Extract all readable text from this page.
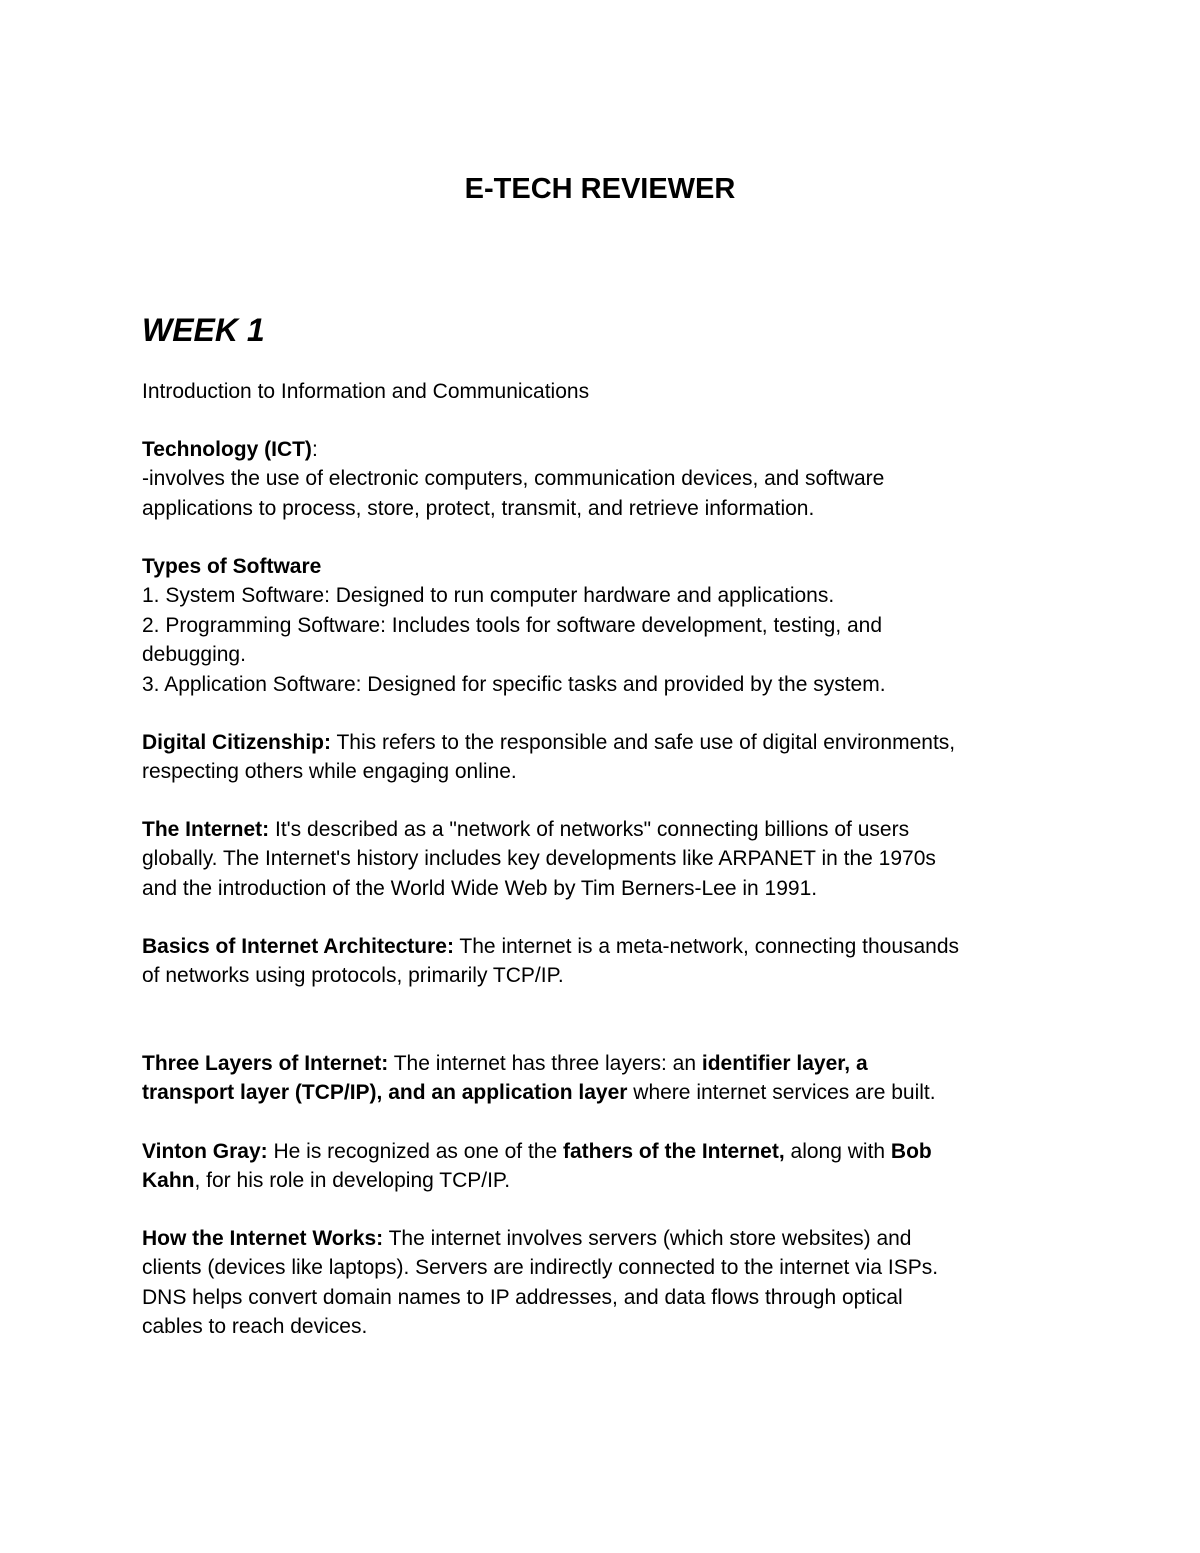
E-TECH REVIEWER
WEEK 1

Introduction to Information and Communications

Technology (ICT):
-involves the use of electronic computers, communication devices, and software
applications to process, store, protect, transmit, and retrieve information.

Types of Software
1. System Software: Designed to run computer hardware and applications.
2. Programming Software: Includes tools for software development, testing, and
debugging.
3. Application Software: Designed for specific tasks and provided by the system.

Digital Citizenship: This refers to the responsible and safe use of digital environments,
respecting others while engaging online.

The Internet: It's described as a "network of networks" connecting billions of users
globally. The Internet's history includes key developments like ARPANET in the 1970s
and the introduction of the World Wide Web by Tim Berners-Lee in 1991.

Basics of Internet Architecture: The internet is a meta-network, connecting thousands
of networks using protocols, primarily TCP/IP.

Three Layers of Internet: The internet has three layers: an identifier layer, a
transport layer (TCP/IP), and an application layer where internet services are built.

Vinton Gray: He is recognized as one of the fathers of the Internet, along with Bob
Kahn, for his role in developing TCP/IP.

How the Internet Works: The internet involves servers (which store websites) and
clients (devices like laptops). Servers are indirectly connected to the internet via ISPs.
DNS helps convert domain names to IP addresses, and data flows through optical
cables to reach devices.
